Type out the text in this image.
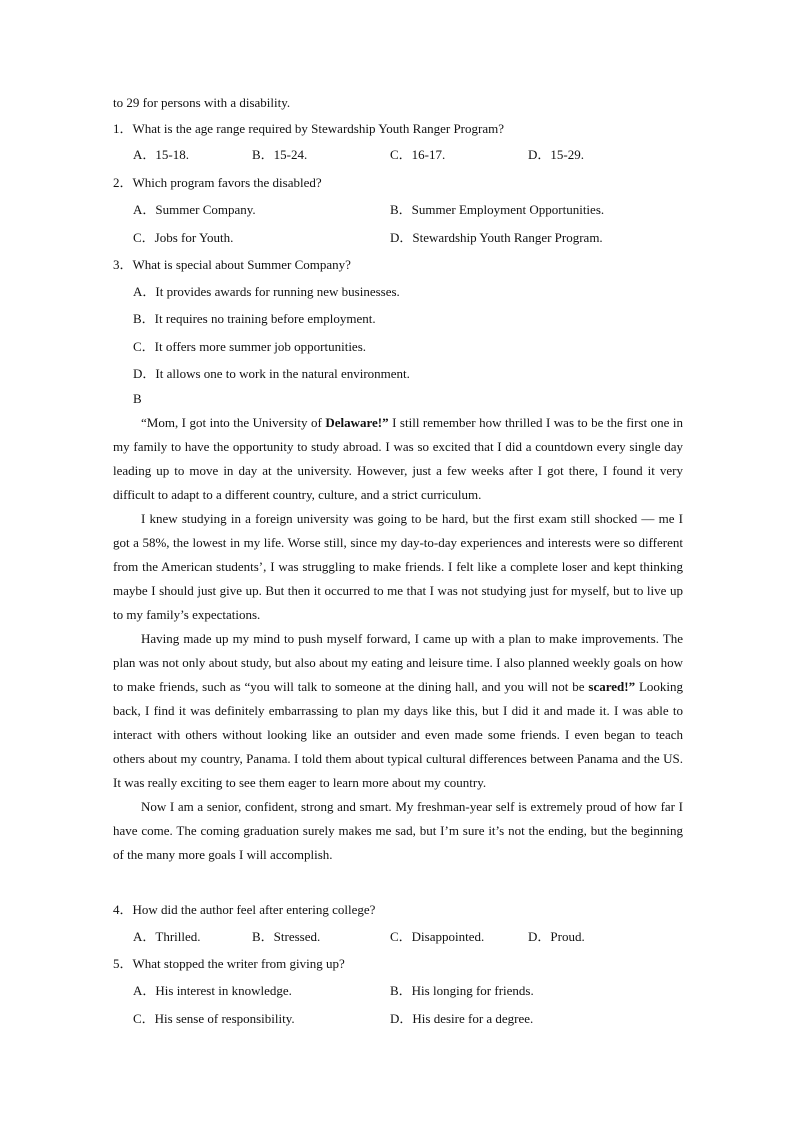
to 29 for persons with a disability.
1．What is the age range required by Stewardship Youth Ranger Program?
A．15-18.	B．15-24.	C．16-17.	D．15-29.
2．Which program favors the disabled?
A．Summer Company.	B．Summer Employment Opportunities.
C．Jobs for Youth.	D．Stewardship Youth Ranger Program.
3．What is special about Summer Company?
A．It provides awards for running new businesses.
B．It requires no training before employment.
C．It offers more summer job opportunities.
D．It allows one to work in the natural environment.
B

“Mom, I got into the University of Delaware!” I still remember how thrilled I was to be the first one in my family to have the opportunity to study abroad. I was so excited that I did a countdown every single day leading up to move in day at the university. However, just a few weeks after I got there, I found it very difficult to adapt to a different country, culture, and a strict curriculum.

I knew studying in a foreign university was going to be hard, but the first exam still shocked — me I got a 58%, the lowest in my life. Worse still, since my day-to-day experiences and interests were so different from the American students’, I was struggling to make friends. I felt like a complete loser and kept thinking maybe I should just give up. But then it occurred to me that I was not studying just for myself, but to live up to my family’s expectations.

Having made up my mind to push myself forward, I came up with a plan to make improvements. The plan was not only about study, but also about my eating and leisure time. I also planned weekly goals on how to make friends, such as “you will talk to someone at the dining hall, and you will not be scared!” Looking back, I find it was definitely embarrassing to plan my days like this, but I did it and made it. I was able to interact with others without looking like an outsider and even made some friends. I even began to teach others about my country, Panama. I told them about typical cultural differences between Panama and the US. It was really exciting to see them eager to learn more about my country.

Now I am a senior, confident, strong and smart. My freshman-year self is extremely proud of how far I have come. The coming graduation surely makes me sad, but I’m sure it’s not the ending, but the beginning of the many more goals I will accomplish.

4．How did the author feel after entering college?
A．Thrilled.	B．Stressed.	C．Disappointed.	D．Proud.
5．What stopped the writer from giving up?
A．His interest in knowledge.	B．His longing for friends.
C．His sense of responsibility.	D．His desire for a degree.
